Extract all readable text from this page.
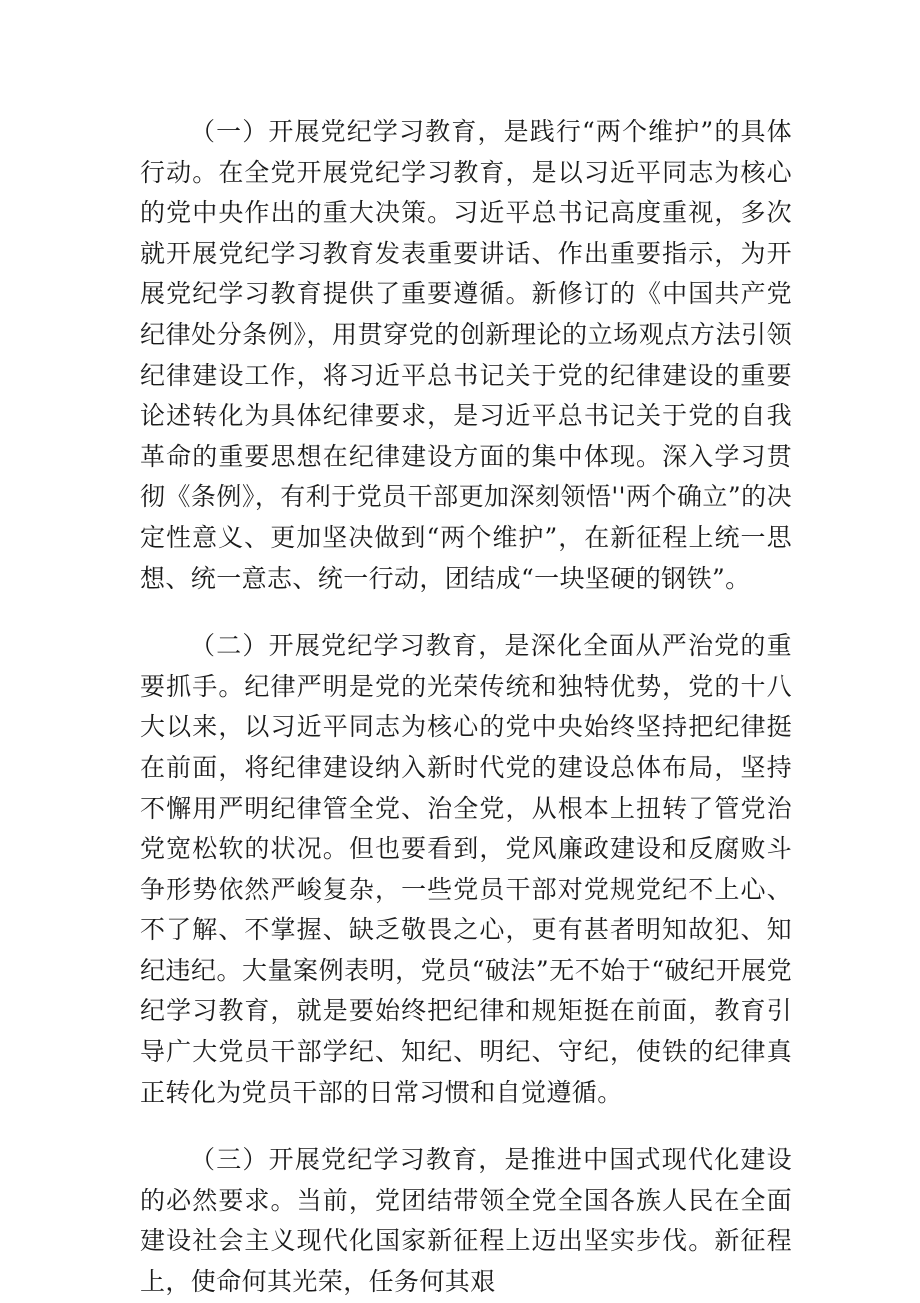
（一）开展党纪学习教育，是践行“两个维护”的具体行动。在全党开展党纪学习教育，是以习近平同志为核心的党中央作出的重大决策。习近平总书记高度重视，多次就开展党纪学习教育发表重要讲话、作出重要指示，为开展党纪学习教育提供了重要遵循。新修订的《中国共产党纪律处分条例》，用贯穿党的创新理论的立场观点方法引领纪律建设工作，将习近平总书记关于党的纪律建设的重要论述转化为具体纪律要求，是习近平总书记关于党的自我革命的重要思想在纪律建设方面的集中体现。深入学习贯彻《条例》，有利于党员干部更加深刻领悟''两个确立”的决定性意义、更加坚决做到“两个维护”，在新征程上统一思想、统一意志、统一行动，团结成“一块坚硬的钢铁”。

（二）开展党纪学习教育，是深化全面从严治党的重要抓手。纪律严明是党的光荣传统和独特优势，党的十八大以来，以习近平同志为核心的党中央始终坚持把纪律挺在前面，将纪律建设纳入新时代党的建设总体布局，坚持不懈用严明纪律管全党、治全党，从根本上扭转了管党治党宽松软的状况。但也要看到，党风廉政建设和反腐败斗争形势依然严峻复杂，一些党员干部对党规党纪不上心、不了解、不掌握、缺乏敬畏之心，更有甚者明知故犯、知纪违纪。大量案例表明，党员“破法”无不始于“破纪开展党纪学习教育，就是要始终把纪律和规矩挺在前面，教育引导广大党员干部学纪、知纪、明纪、守纪，使铁的纪律真正转化为党员干部的日常习惯和自觉遵循。

（三）开展党纪学习教育，是推进中国式现代化建设的必然要求。当前，党团结带领全党全国各族人民在全面建设社会主义现代化国家新征程上迈出坚实步伐。新征程上，使命何其光荣，任务何其艰
